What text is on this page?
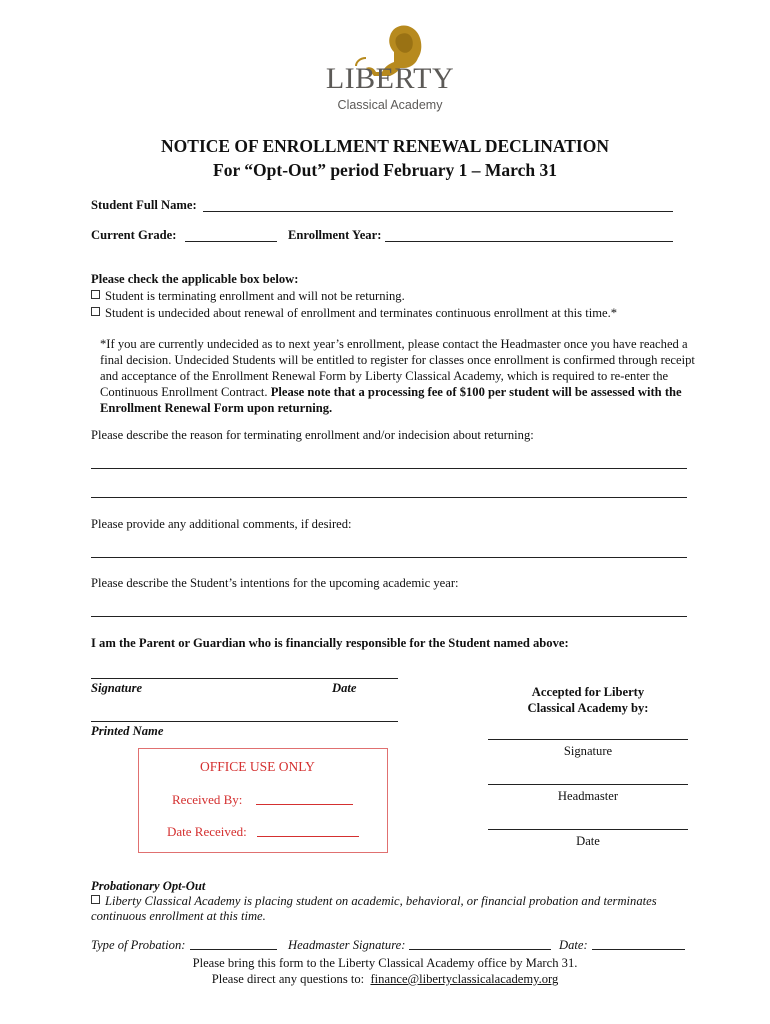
LIBERTY
Classical Academy
NOTICE OF ENROLLMENT RENEWAL DECLINATION
For “Opt-Out” period February 1 – March 31
Student Full Name:
Current Grade:	Enrollment Year:
Please check the applicable box below:
Student is terminating enrollment and will not be returning.
Student is undecided about renewal of enrollment and terminates continuous enrollment at this time.*
*If you are currently undecided as to next year’s enrollment, please contact the Headmaster once you have reached a final decision. Undecided Students will be entitled to register for classes once enrollment is confirmed through receipt and acceptance of the Enrollment Renewal Form by Liberty Classical Academy, which is required to re-enter the Continuous Enrollment Contract. Please note that a processing fee of $100 per student will be assessed with the Enrollment Renewal Form upon returning.
Please describe the reason for terminating enrollment and/or indecision about returning:
Please provide any additional comments, if desired:
Please describe the Student’s intentions for the upcoming academic year:
I am the Parent or Guardian who is financially responsible for the Student named above:
Signature	Date
Printed Name
Accepted for Liberty
Classical Academy by:
Signature
Headmaster
Date
OFFICE USE ONLY
Received By:
Date Received:
Probationary Opt-Out
Liberty Classical Academy is placing student on academic, behavioral, or financial probation and terminates
continuous enrollment at this time.
Type of Probation:	Headmaster Signature:	Date:
Please bring this form to the Liberty Classical Academy office by March 31.
Please direct any questions to: finance@libertyclassicalacademy.org
